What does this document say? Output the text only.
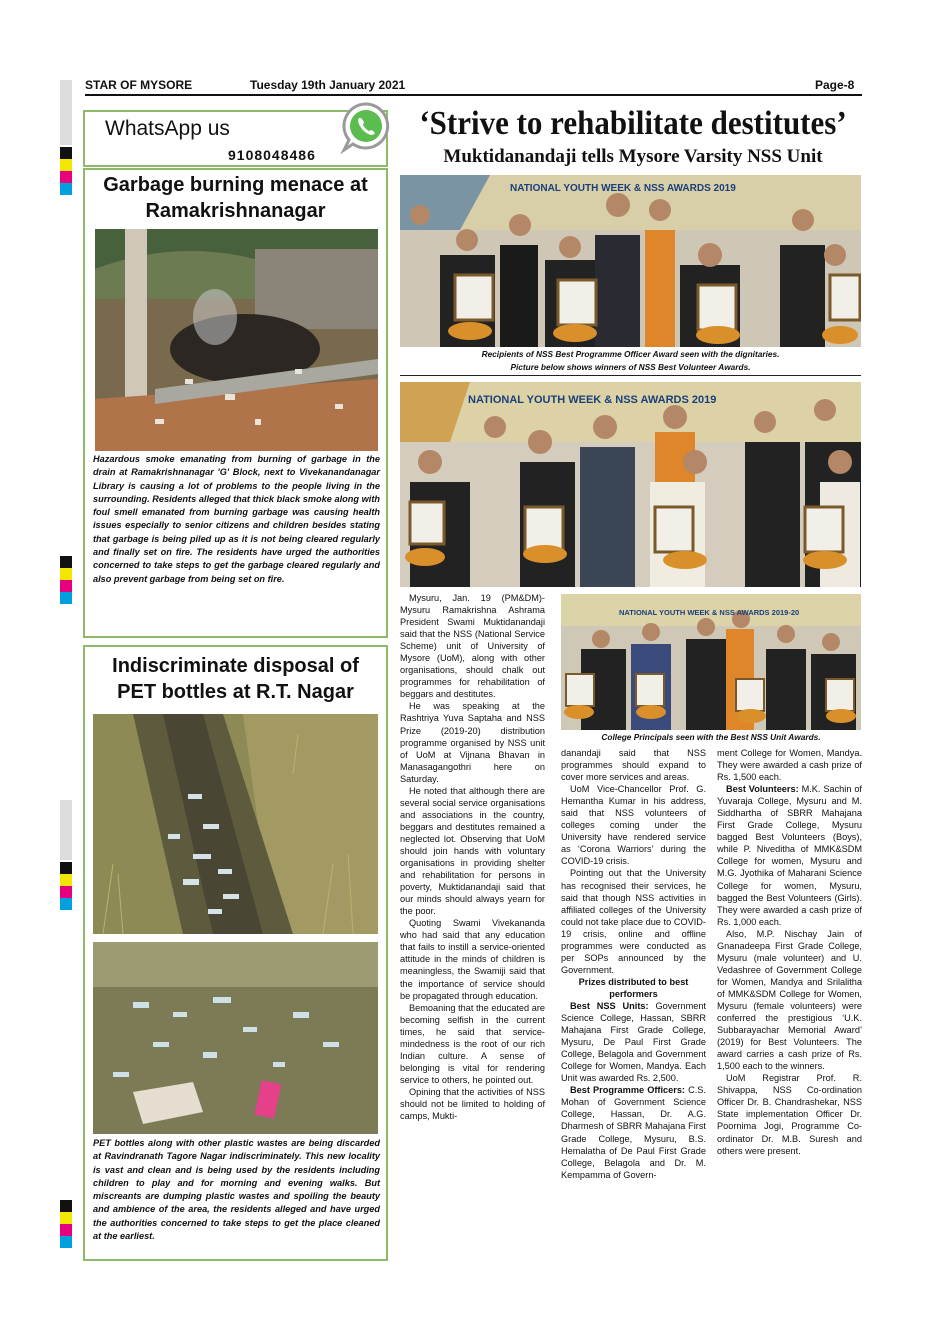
STAR OF MYSORE	Tuesday 19th January 2021	Page-8
WhatsApp us
9108048486
Garbage burning menace at
Ramakrishnanagar
Hazardous smoke emanating from burning of garbage in the drain at Ramakrishnanagar 'G' Block, next to Vivekanandanagar Library is causing a lot of problems to the people living in the surrounding. Residents alleged that thick black smoke along with foul smell emanated from burning garbage was causing health issues especially to senior citizens and children besides stating that garbage is being piled up as it is not being cleared regularly and finally set on fire. The residents have urged the authorities concerned to take steps to get the garbage cleared regularly and also prevent garbage from being set on fire.
Indiscriminate disposal of
PET bottles at R.T. Nagar
PET bottles along with other plastic wastes are being discarded at Ravindranath Tagore Nagar indiscriminately. This new locality is vast and clean and is being used by the residents including children to play and for morning and evening walks. But miscreants are dumping plastic wastes and spoiling the beauty and ambience of the area, the residents alleged and have urged the authorities concerned to take steps to get the place cleaned at the earliest.
‘Strive to rehabilitate destitutes’
Muktidanandaji tells Mysore Varsity NSS Unit
NATIONAL YOUTH WEEK & NSS AWARDS 2019
Recipients of NSS Best Programme Officer Award seen with the dignitaries.
Picture below shows winners of NSS Best Volunteer Awards.
NATIONAL YOUTH WEEK & NSS AWARDS 2019
NATIONAL YOUTH WEEK & NSS AWARDS 2019-20
College Principals seen with the Best NSS Unit Awards.

Mysuru, Jan. 19 (PM&DM)- Mysuru Ramakrishna Ashrama President Swami Muktidanandaji said that the NSS (National Service Scheme) unit of University of Mysore (UoM), along with other organisations, should chalk out programmes for rehabilitation of beggars and destitutes.

He was speaking at the Rashtriya Yuva Saptaha and NSS Prize (2019-20) distribution programme organised by NSS unit of UoM at Vijnana Bhavan in Manasagangothri here on Saturday.

He noted that although there are several social service organisations and associations in the country, beggars and destitutes remained a neglected lot. Observing that UoM should join hands with voluntary organisations in providing shelter and rehabilitation for persons in poverty, Muktidanandaji said that our minds should always yearn for the poor.

Quoting Swami Vivekananda who had said that any education that fails to instill a service-oriented attitude in the minds of children is meaningless, the Swamiji said that the importance of service should be propagated through education.

Bemoaning that the educated are becoming selfish in the current times, he said that service-mindedness is the root of our rich Indian culture. A sense of belonging is vital for rendering service to others, he pointed out.

Opining that the activities of NSS should not be limited to holding of camps, Mukti-

danandaji said that NSS programmes should expand to cover more services and areas.

UoM Vice-Chancellor Prof. G. Hemantha Kumar in his address, said that NSS volunteers of colleges coming under the University have rendered service as ‘Corona Warriors’ during the COVID-19 crisis.

Pointing out that the University has recognised their services, he said that though NSS activities in affiliated colleges of the University could not take place due to COVID-19 crisis, online and offline programmes were conducted as per SOPs announced by the Government.

Prizes distributed to best performers

Best NSS Units: Government Science College, Hassan, SBRR Mahajana First Grade College, Mysuru, De Paul First Grade College, Belagola and Government College for Women, Mandya. Each Unit was awarded Rs. 2,500.

Best Programme Officers: C.S. Mohan of Government Science College, Hassan, Dr. A.G. Dharmesh of SBRR Mahajana First Grade College, Mysuru, B.S. Hemalatha of De Paul First Grade College, Belagola and Dr. M. Kempamma of Govern-

ment College for Women, Mandya. They were awarded a cash prize of Rs. 1,500 each.

Best Volunteers: M.K. Sachin of Yuvaraja College, Mysuru and M. Siddhartha of SBRR Mahajana First Grade College, Mysuru bagged Best Volunteers (Boys), while P. Niveditha of MMK&SDM College for women, Mysuru and M.G. Jyothika of Maharani Science College for women, Mysuru, bagged the Best Volunteers (Girls). They were awarded a cash prize of Rs. 1,000 each.

Also, M.P. Nischay Jain of Gnanadeepa First Grade College, Mysuru (male volunteer) and U. Vedashree of Government College for Women, Mandya and Srilalitha of MMK&SDM College for Women, Mysuru (female volunteers) were conferred the prestigious ‘U.K. Subbarayachar Memorial Award’ (2019) for Best Volunteers. The award carries a cash prize of Rs. 1,500 each to the winners.

UoM Registrar Prof. R. Shivappa, NSS Co-ordination Officer Dr. B. Chandrashekar, NSS State implementation Officer Dr. Poornima Jogi, Programme Co-ordinator Dr. M.B. Suresh and others were present.
